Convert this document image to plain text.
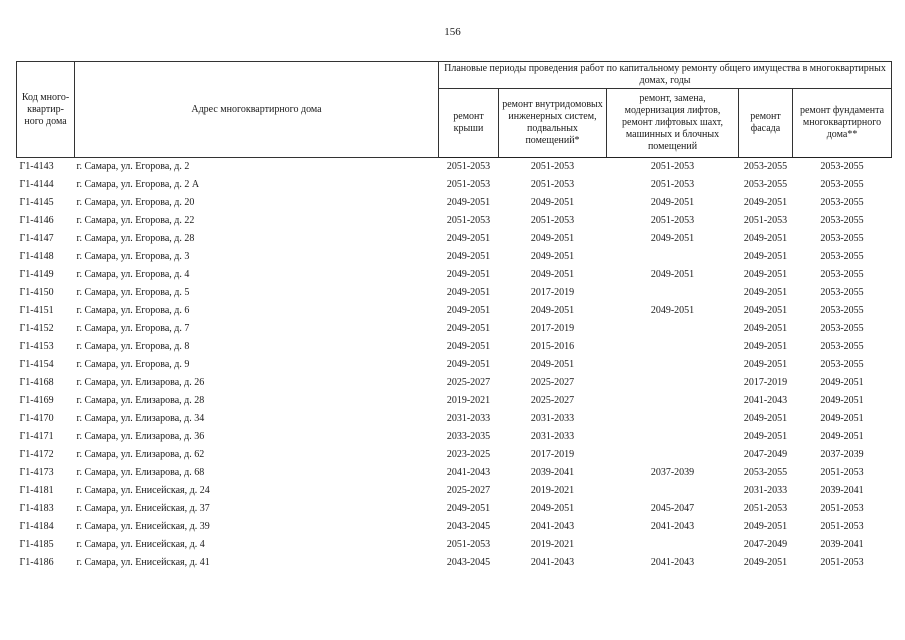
156
Код много-квартир-ного дома	Адрес многоквартирного дома	Плановые периоды проведения работ по капитальному ремонту общего имущества в многоквартирных домах, годы				
		ремонт крыши	ремонт внутридомовых инженерных систем, подвальных помещений*	ремонт, замена, модернизация лифтов, ремонт лифтовых шахт, машинных и блочных помещений	ремонт фасада	ремонт фундамента многоквартирного дома**
Г1-4143	г. Самара, ул. Егорова, д. 2	2051-2053	2051-2053	2051-2053	2053-2055	2053-2055
Г1-4144	г. Самара, ул. Егорова, д. 2 А	2051-2053	2051-2053	2051-2053	2053-2055	2053-2055
Г1-4145	г. Самара, ул. Егорова, д. 20	2049-2051	2049-2051	2049-2051	2049-2051	2053-2055
Г1-4146	г. Самара, ул. Егорова, д. 22	2051-2053	2051-2053	2051-2053	2051-2053	2053-2055
Г1-4147	г. Самара, ул. Егорова, д. 28	2049-2051	2049-2051	2049-2051	2049-2051	2053-2055
Г1-4148	г. Самара, ул. Егорова, д. 3	2049-2051	2049-2051		2049-2051	2053-2055
Г1-4149	г. Самара, ул. Егорова, д. 4	2049-2051	2049-2051	2049-2051	2049-2051	2053-2055
Г1-4150	г. Самара, ул. Егорова, д. 5	2049-2051	2017-2019		2049-2051	2053-2055
Г1-4151	г. Самара, ул. Егорова, д. 6	2049-2051	2049-2051	2049-2051	2049-2051	2053-2055
Г1-4152	г. Самара, ул. Егорова, д. 7	2049-2051	2017-2019		2049-2051	2053-2055
Г1-4153	г. Самара, ул. Егорова, д. 8	2049-2051	2015-2016		2049-2051	2053-2055
Г1-4154	г. Самара, ул. Егорова, д. 9	2049-2051	2049-2051		2049-2051	2053-2055
Г1-4168	г. Самара, ул. Елизарова, д. 26	2025-2027	2025-2027		2017-2019	2049-2051
Г1-4169	г. Самара, ул. Елизарова, д. 28	2019-2021	2025-2027		2041-2043	2049-2051
Г1-4170	г. Самара, ул. Елизарова, д. 34	2031-2033	2031-2033		2049-2051	2049-2051
Г1-4171	г. Самара, ул. Елизарова, д. 36	2033-2035	2031-2033		2049-2051	2049-2051
Г1-4172	г. Самара, ул. Елизарова, д. 62	2023-2025	2017-2019		2047-2049	2037-2039
Г1-4173	г. Самара, ул. Елизарова, д. 68	2041-2043	2039-2041	2037-2039	2053-2055	2051-2053
Г1-4181	г. Самара, ул. Енисейская, д. 24	2025-2027	2019-2021		2031-2033	2039-2041
Г1-4183	г. Самара, ул. Енисейская, д. 37	2049-2051	2049-2051	2045-2047	2051-2053	2051-2053
Г1-4184	г. Самара, ул. Енисейская, д. 39	2043-2045	2041-2043	2041-2043	2049-2051	2051-2053
Г1-4185	г. Самара, ул. Енисейская, д. 4	2051-2053	2019-2021		2047-2049	2039-2041
Г1-4186	г. Самара, ул. Енисейская, д. 41	2043-2045	2041-2043	2041-2043	2049-2051	2051-2053
